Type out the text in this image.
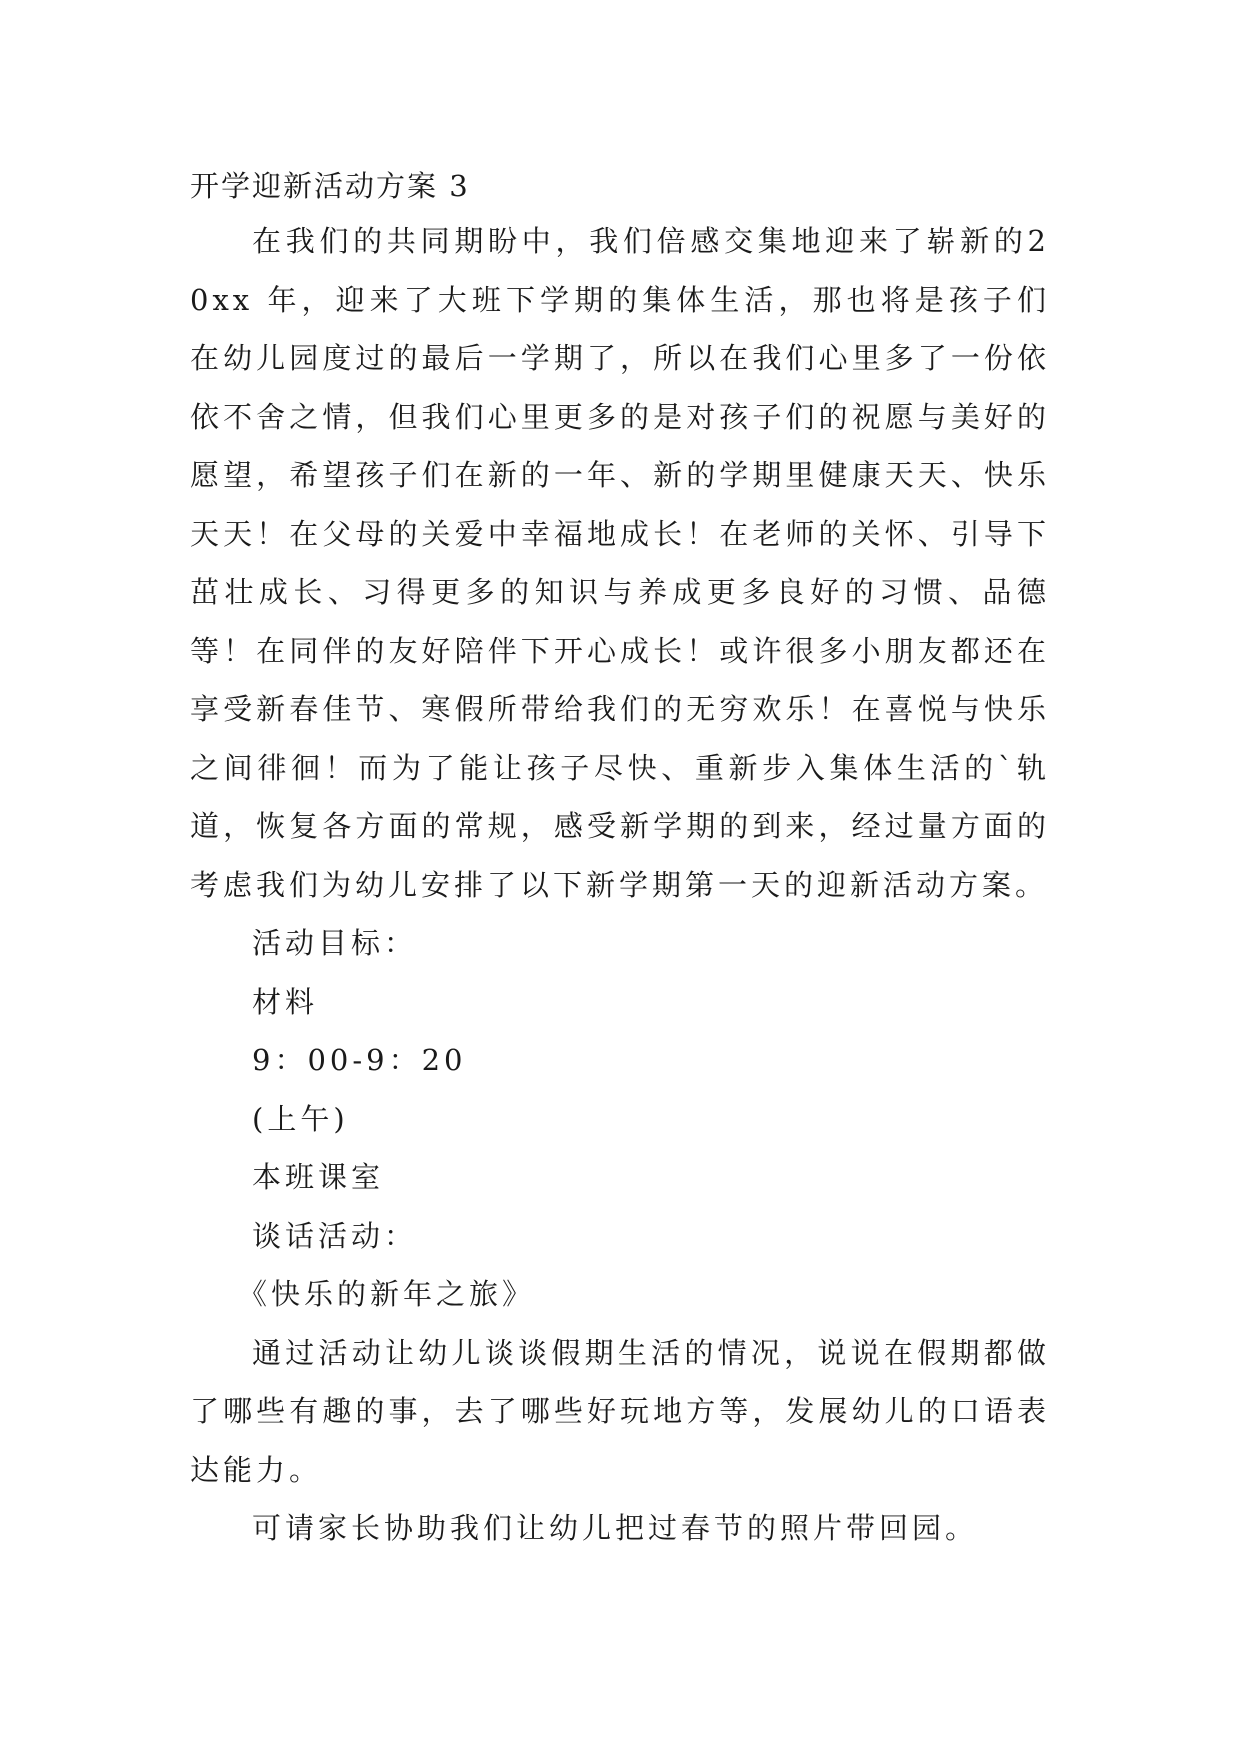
开学迎新活动方案 3

在我们的共同期盼中，我们倍感交集地迎来了崭新的20xx 年，迎来了大班下学期的集体生活，那也将是孩子们在幼儿园度过的最后一学期了，所以在我们心里多了一份依依不舍之情，但我们心里更多的是对孩子们的祝愿与美好的愿望，希望孩子们在新的一年、新的学期里健康天天、快乐天天！在父母的关爱中幸福地成长！在老师的关怀、引导下茁壮成长、习得更多的知识与养成更多良好的习惯、品德等！在同伴的友好陪伴下开心成长！或许很多小朋友都还在享受新春佳节、寒假所带给我们的无穷欢乐！在喜悦与快乐之间徘徊！而为了能让孩子尽快、重新步入集体生活的`轨道，恢复各方面的常规，感受新学期的到来，经过量方面的考虑我们为幼儿安排了以下新学期第一天的迎新活动方案。

活动目标：

材料

9：00-9：20

(上午)

本班课室

谈话活动：

《快乐的新年之旅》

通过活动让幼儿谈谈假期生活的情况，说说在假期都做了哪些有趣的事，去了哪些好玩地方等，发展幼儿的口语表达能力。

可请家长协助我们让幼儿把过春节的照片带回园。
